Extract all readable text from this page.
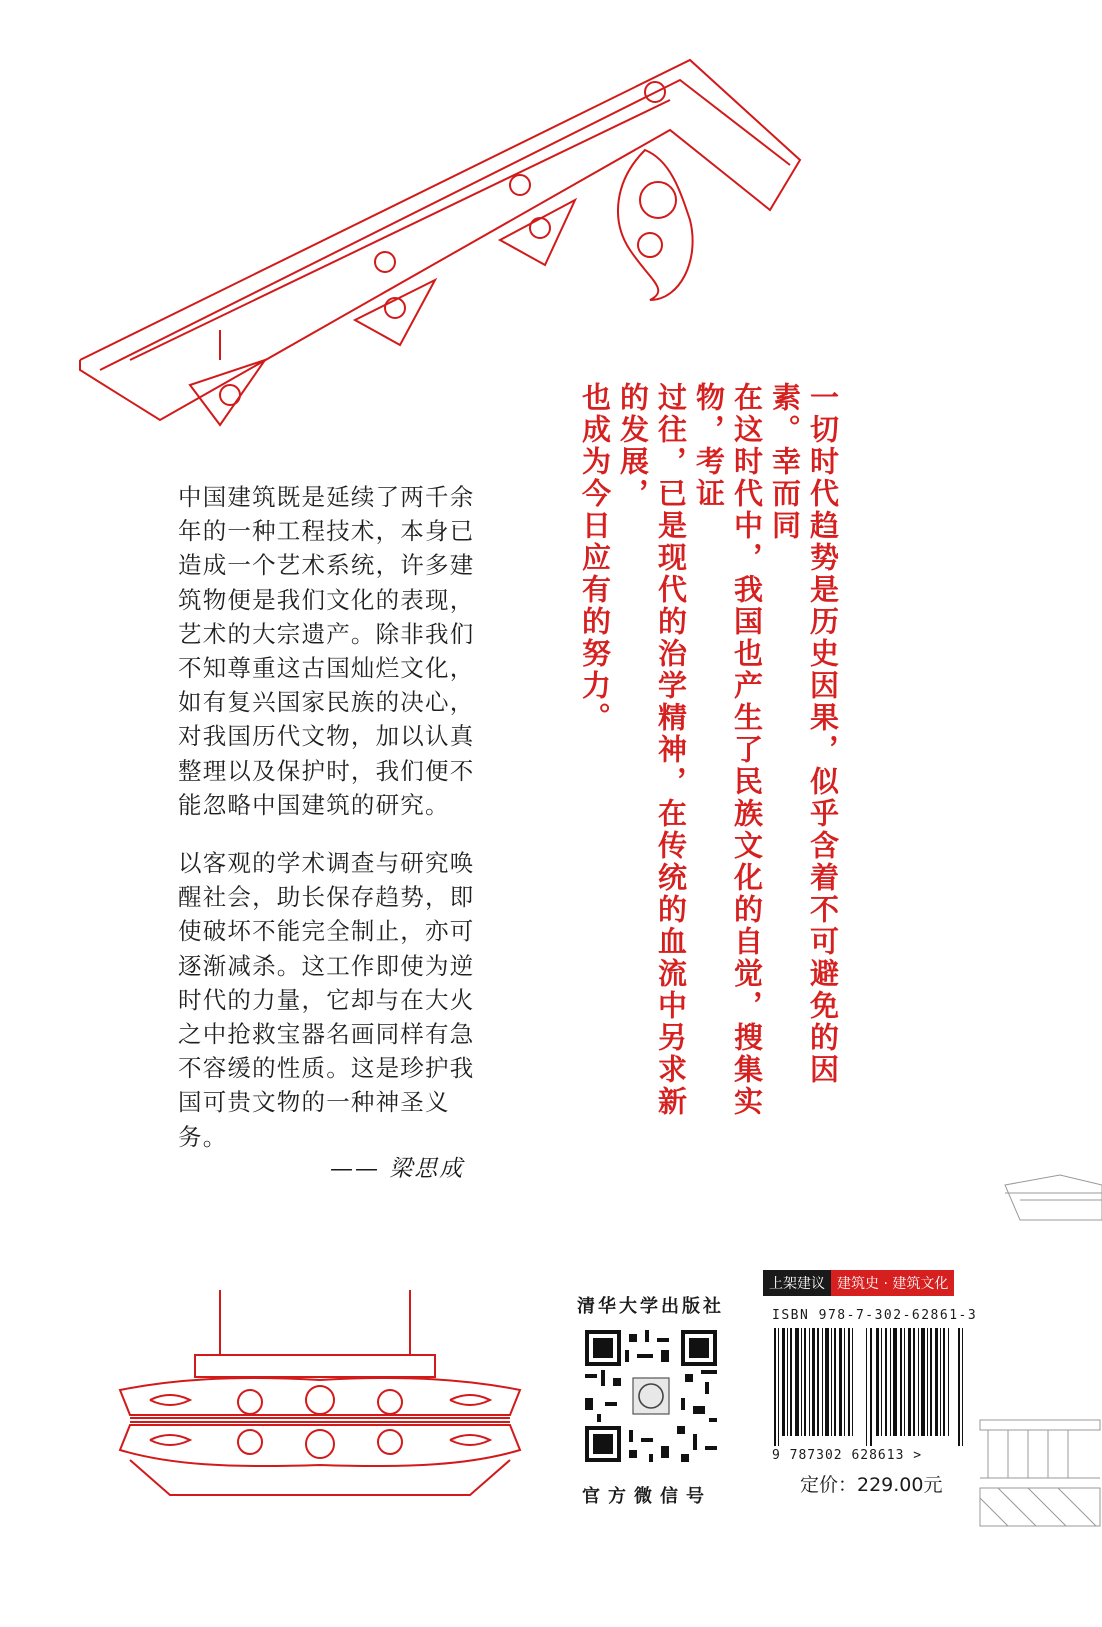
中国建筑既是延续了两千余年的一种工程技术，本身已造成一个艺术系统，许多建筑物便是我们文化的表现，艺术的大宗遗产。除非我们不知尊重这古国灿烂文化，如有复兴国家民族的决心，对我国历代文物，加以认真整理以及保护时，我们便不能忽略中国建筑的研究。
以客观的学术调查与研究唤醒社会，助长保存趋势，即使破坏不能完全制止，亦可逐渐减杀。这工作即使为逆时代的力量，它却与在大火之中抢救宝器名画同样有急不容缓的性质。这是珍护我国可贵文物的一种神圣义务。
—— 梁思成
一切时代趋势是历史因果，似乎含着不可避免的因素。幸而同
在这时代中，我国也产生了民族文化的自觉，搜集实物，考证
过往，已是现代的治学精神，在传统的血流中另求新的发展，
也成为今日应有的努力。
清华大学出版社
官方微信号
上架建议 建筑史 · 建筑文化
ISBN 978-7-302-62861-3
9 787302 628613 >
定价：229.00元
